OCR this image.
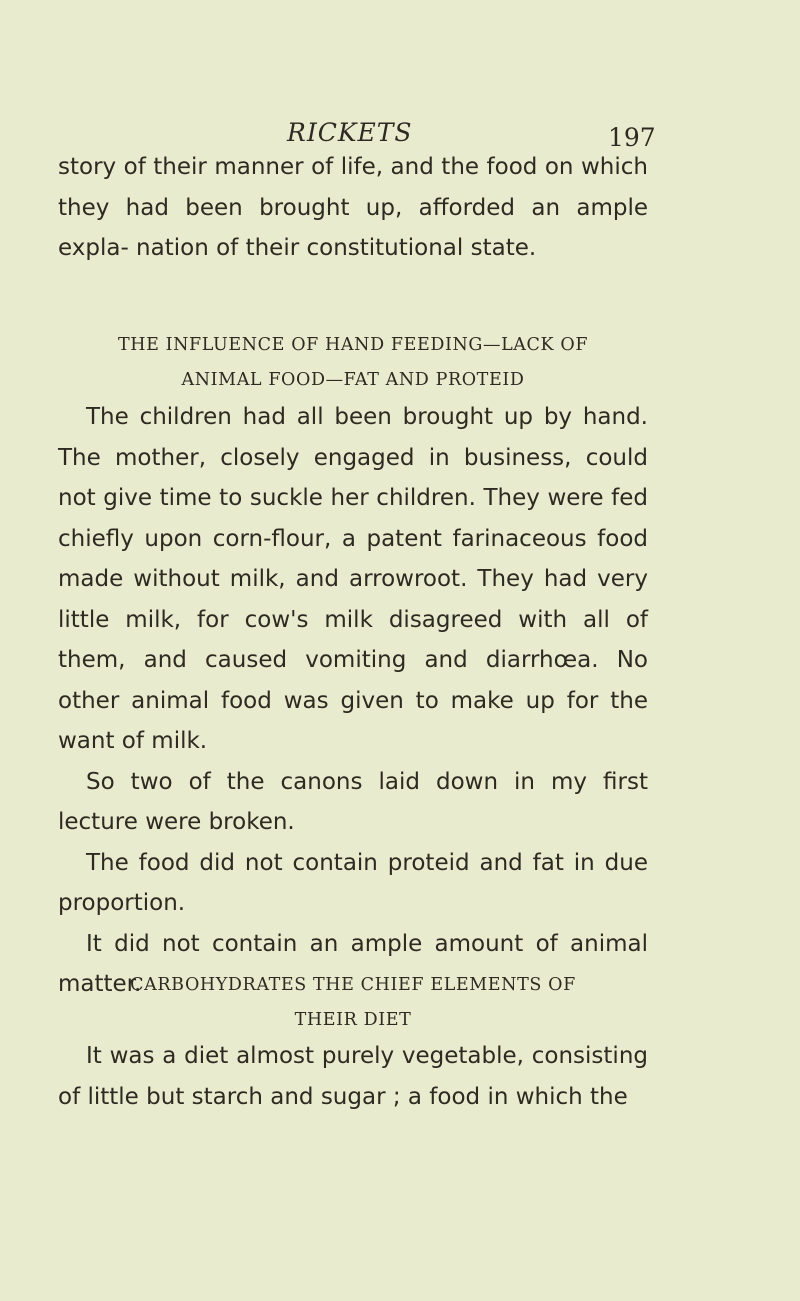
RICKETS	197

story of their manner of life, and the food on which they had been brought up, afforded an ample expla- nation of their constitutional state.

THE INFLUENCE OF HAND FEEDING—LACK OF
ANIMAL FOOD—FAT AND PROTEID

The children had all been brought up by hand. The mother, closely engaged in business, could not give time to suckle her children. They were fed chiefly upon corn-flour, a patent farinaceous food made without milk, and arrowroot. They had very little milk, for cow's milk disagreed with all of them, and caused vomiting and diarrhœa. No other animal food was given to make up for the want of milk.

So two of the canons laid down in my first lecture were broken.

The food did not contain proteid and fat in due proportion.

It did not contain an ample amount of animal matter.

CARBOHYDRATES THE CHIEF ELEMENTS OF
THEIR DIET

It was a diet almost purely vegetable, consisting of little but starch and sugar ; a food in which the
